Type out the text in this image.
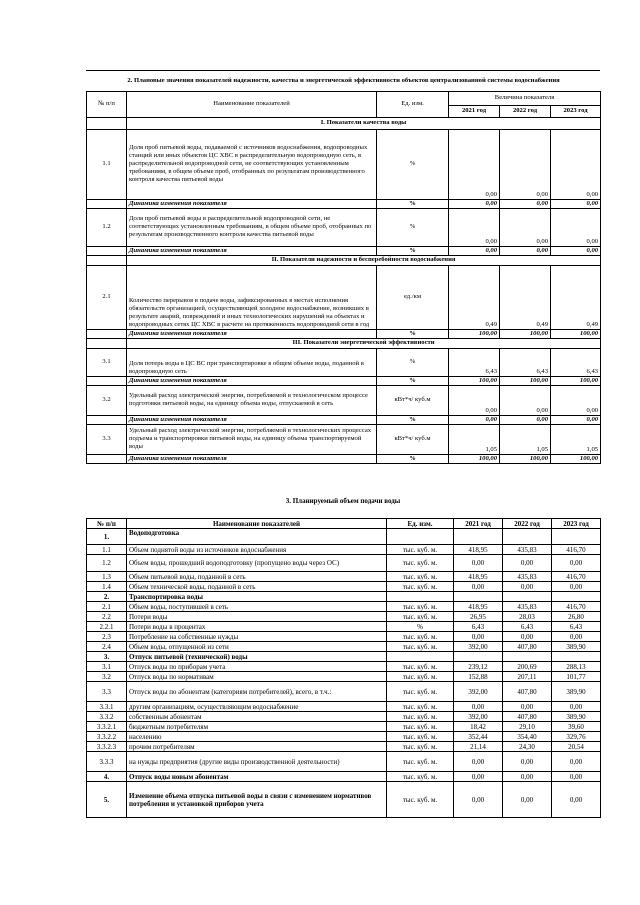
2. Плановые значения показателей надежности, качества и энергетической эффективности объектов централизованной системы водоснабжения					
№ п/п	Наименование показателей	Ед. изм.	Величина показателя		
			2021 год	2022 год	2023 год
	I. Показатели качества воды				
1.1	Доля проб питьевой воды, подаваемой с источников водоснабжения, водопроводных станций или иных объектов ЦС ХВС в распределительную водопроводную сеть, в распределительной водопроводной сети, не соответствующих установленным требованиям, в общем объеме проб, отобранных по результатам производственного контроля качества питьевой воды	%	0,00	0,00	0,00
	Динамика изменения показателя	%	0,00	0,00	0,00
1.2	Доля проб питьевой воды в распределительной водопроводной сети, не соответствующих установленным требованиям, в общем объеме проб, отобранных по результатам производственного контроля качества питьевой воды	%	0,00	0,00	0,00
	Динамика изменения показателя	%	0,00	0,00	0,00
	II. Показатели надежности и бесперебойности водоснабжения				
2.1	Количество перерывов в подаче воды, зафиксированных в местах исполнения обязательств организацией, осуществляющей холодное водоснабжение, возникших в результате аварий, повреждений и иных технологических нарушений на объектах и водопроводных сетях ЦС ХВС в расчете на протяженность водопроводной сети в год	ед./км	0,49	0,49	0,49
	Динамика изменения показателя	%	100,00	100,00	100,00
	III. Показатели энергетической эффективности				
3.1	Доля потерь воды в ЦС ВС при транспортировке в общем объеме воды, поданной в водопроводную сеть	%	6,43	6,43	6,43
	Динамика изменения показателя	%	100,00	100,00	100,00
3.2	Удельный расход электрической энергии, потребляемой в технологическом процессе подготовки питьевой воды, на единицу объема воды, отпускаемой в сеть	кВт*ч/ куб.м	0,00	0,00	0,00
	Динамика изменения показателя	%	0,00	0,00	0,00
3.3	Удельный расход электрической энергии, потребляемой в технологических процессах подъема и транспортировки питьевой воды, на единицу объема транспортируемой воды	кВт*ч/ куб.м	1,05	1,05	1,05
	Динамика изменения показателя	%	100,00	100,00	100,00
3. Планируемый объем подачи воды
№ п/п	Наименование показателей	Ед. изм.	2021 год	2022 год	2023 год
1.	Водоподготовка				
1.1	Объем поднятой воды из источников водоснабжения	тыс. куб. м.	418,95	435,83	416,70
1.2	Объем воды, прошедший водоподготовку (пропущено воды через ОС)	тыс. куб. м.	0,00	0,00	0,00
1.3	Объем питьевой воды, поданной в сеть	тыс. куб. м.	418,95	435,83	416,70
1.4	Объем технической воды, поданной в сеть	тыс. куб. м.	0,00	0,00	0,00
2.	Транспортировка воды				
2.1	Объем воды, поступившей в сеть	тыс. куб. м.	418,95	435,83	416,70
2.2	Потери воды	тыс. куб. м.	26,95	28,03	26,80
2.2.1	Потери воды в процентах	%	6,43	6,43	6,43
2.3	Потребление на собственные нужды	тыс. куб. м.	0,00	0,00	0,00
2.4	Объем воды, отпущенной из сети	тыс. куб. м.	392,00	407,80	389,90
3.	Отпуск питьевой (технической) воды				
3.1	Отпуск воды по приборам учета	тыс. куб. м.	239,12	200,69	288,13
3.2	Отпуск воды по нормативам	тыс. куб. м.	152,88	207,11	101,77
3.3	Отпуск воды по абонентам (категориям потребителей), всего, в т.ч.:	тыс. куб. м.	392,00	407,80	389,90
3.3.1	другим организациям, осуществляющим водоснабжение	тыс. куб. м.	0,00	0,00	0,00
3.3.2	собственным абонентам	тыс. куб. м.	392,00	407,80	389,90
3.3.2.1	бюджетным потребителям	тыс. куб. м.	18,42	29,10	39,60
3.3.2.2	населению	тыс. куб. м.	352,44	354,40	329,76
3.3.2.3	прочим потребителям	тыс. куб. м.	21,14	24,30	20,54
3.3.3	на нужды предприятия (другие виды производственной деятельности)	тыс. куб. м.	0,00	0,00	0,00
4.	Отпуск воды новым абонентам	тыс. куб. м.	0,00	0,00	0,00
5.	Изменение объема отпуска питьевой воды в связи с изменением нормативов потребления и установкой приборов учета	тыс. куб. м.	0,00	0,00	0,00
